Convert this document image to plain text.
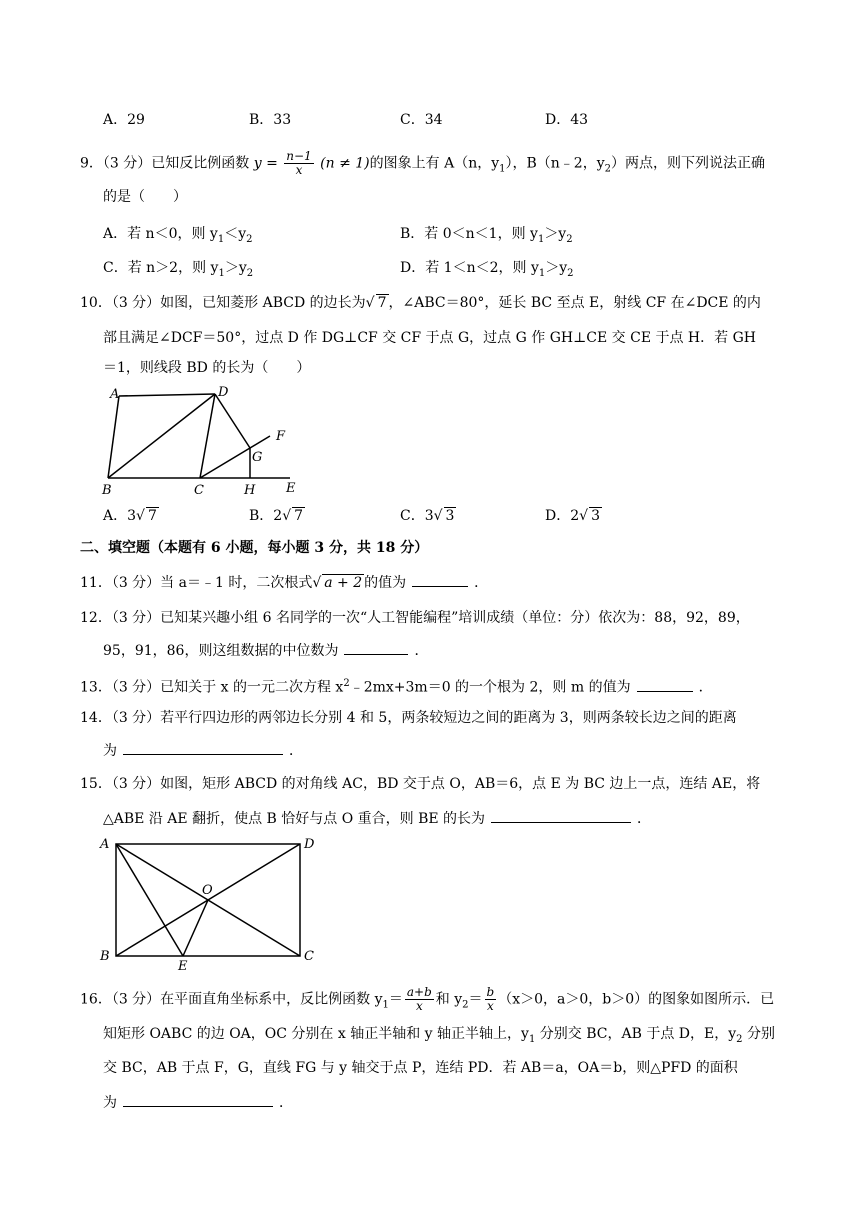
A．29	B．33	C．34	D．43
9．（3 分）已知反比例函数 $y = \frac{n-1}{x} (n \ne 1)$的图象上有 A（n，$y_1$），B（n﹣2，$y_2$）两点，则下列说法正确
的是（　　）
A．若 n＜0，则 $y_1<y_2$	B．若 0＜n＜1，则 $y_1>y_2$
C．若 n＞2，则 $y_1>y_2$	D．若 1＜n＜2，则 $y_1>y_2$
10．（3 分）如图，已知菱形 ABCD 的边长为√ 7 ，∠ABC＝80°，延长 BC 至点 E，射线 CF 在∠DCE 的内
部且满足∠DCF＝50°，过点 D 作 DG⊥CF 交 CF 于点 G，过点 G 作 GH⊥CE 交 CE 于点 H．若 GH
＝1，则线段 BD 的长为（　　）
A	D
F
G
B	C	H E
A．3√ 7	B．2√ 7	C．3√ 3	D．2√ 3
二、填空题（本题有 6 小题，每小题 3 分，共 18 分）
11．（3 分）当 a＝﹣1 时，二次根式√ a + 2 的值为	．
12．（3 分）已知某兴趣小组 6 名同学的一次“人工智能编程”培训成绩（单位：分）依次为：88，92，89，
95，91，86，则这组数据的中位数为	．
13．（3 分）已知关于 x 的一元二次方程 $x^2﹣2mx+3m=0$ 的一个根为 2，则 m 的值为	．
14．（3 分）若平行四边形的两邻边长分别 4 和 5，两条较短边之间的距离为 3，则两条较长边之间的距离
为	．
15．（3 分）如图，矩形 ABCD 的对角线 AC，BD 交于点 O，AB＝6，点 E 为 BC 边上一点，连结 AE，将
△ABE 沿 AE 翻折，使点 B 恰好与点 O 重合，则 BE 的长为	．
A	D
O
B	C
E
16．（3 分）在平面直角坐标系中，反比例函数 $y_1= \frac{a+b}{x}$ 和 $y_2= \frac{b}{x} (x>0$，a＞0，b＞0）的图象如图所示．已
知矩形 OABC 的边 OA，OC 分别在 x 轴正半轴和 y 轴正半轴上，$y_1$ 分别交 BC，AB 于点 D，E，$y_2$ 分别
交 BC，AB 于点 F，G，直线 FG 与 y 轴交于点 P，连结 PD．若 AB＝a，OA＝b，则△PFD 的面积
为	．
